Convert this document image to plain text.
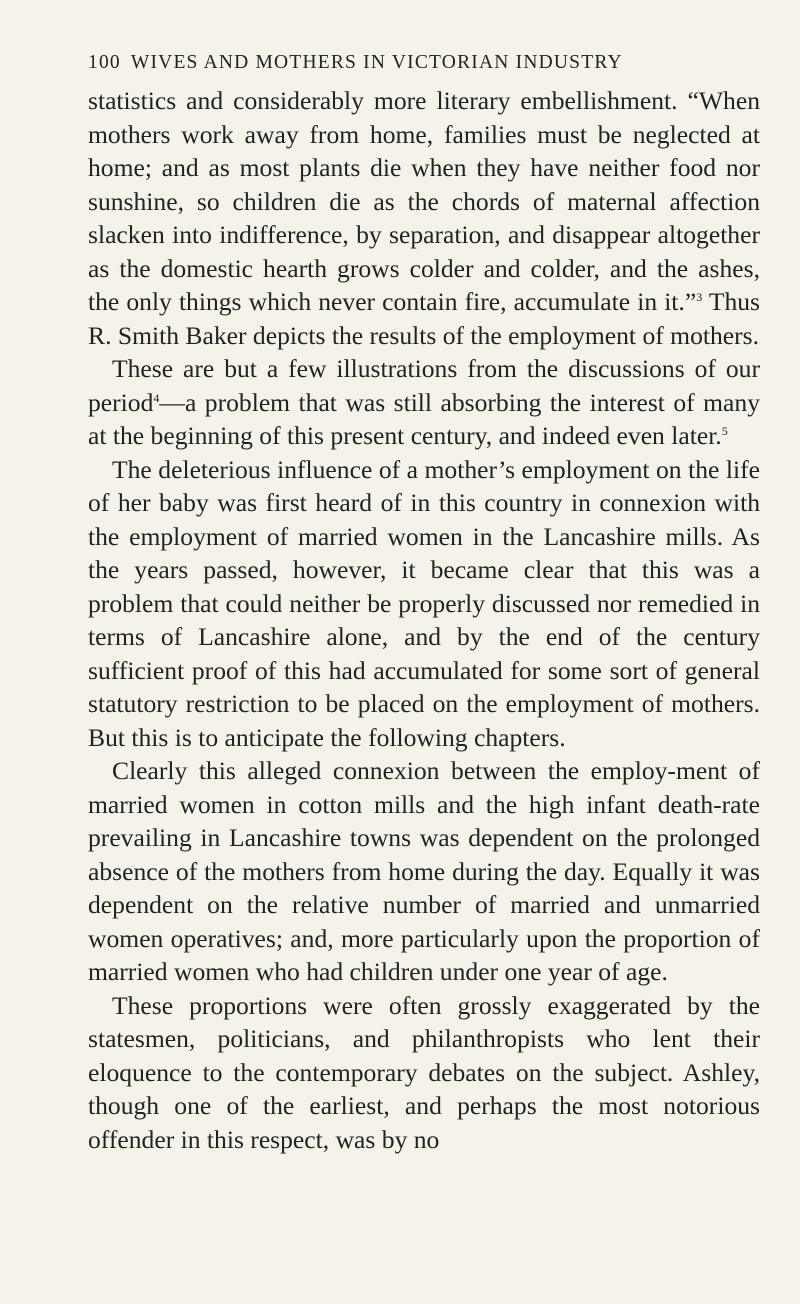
100 WIVES AND MOTHERS IN VICTORIAN INDUSTRY

statistics and considerably more literary embellishment. “When mothers work away from home, families must be neglected at home; and as most plants die when they have neither food nor sunshine, so children die as the chords of maternal affection slacken into indifference, by separation, and disappear altogether as the domestic hearth grows colder and colder, and the ashes, the only things which never contain fire, accumulate in it.”$^3$ Thus R. Smith Baker depicts the results of the employment of mothers.

These are but a few illustrations from the discussions of our period$^4$—a problem that was still absorbing the interest of many at the beginning of this present century, and indeed even later.$^5$

The deleterious influence of a mother’s employment on the life of her baby was first heard of in this country in connexion with the employment of married women in the Lancashire mills. As the years passed, however, it became clear that this was a problem that could neither be properly discussed nor remedied in terms of Lancashire alone, and by the end of the century sufficient proof of this had accumulated for some sort of general statutory restriction to be placed on the employment of mothers. But this is to anticipate the following chapters.

Clearly this alleged connexion between the employ-ment of married women in cotton mills and the high infant death-rate prevailing in Lancashire towns was dependent on the prolonged absence of the mothers from home during the day. Equally it was dependent on the relative number of married and unmarried women operatives; and, more particularly upon the proportion of married women who had children under one year of age.

These proportions were often grossly exaggerated by the statesmen, politicians, and philanthropists who lent their eloquence to the contemporary debates on the subject. Ashley, though one of the earliest, and perhaps the most notorious offender in this respect, was by no
